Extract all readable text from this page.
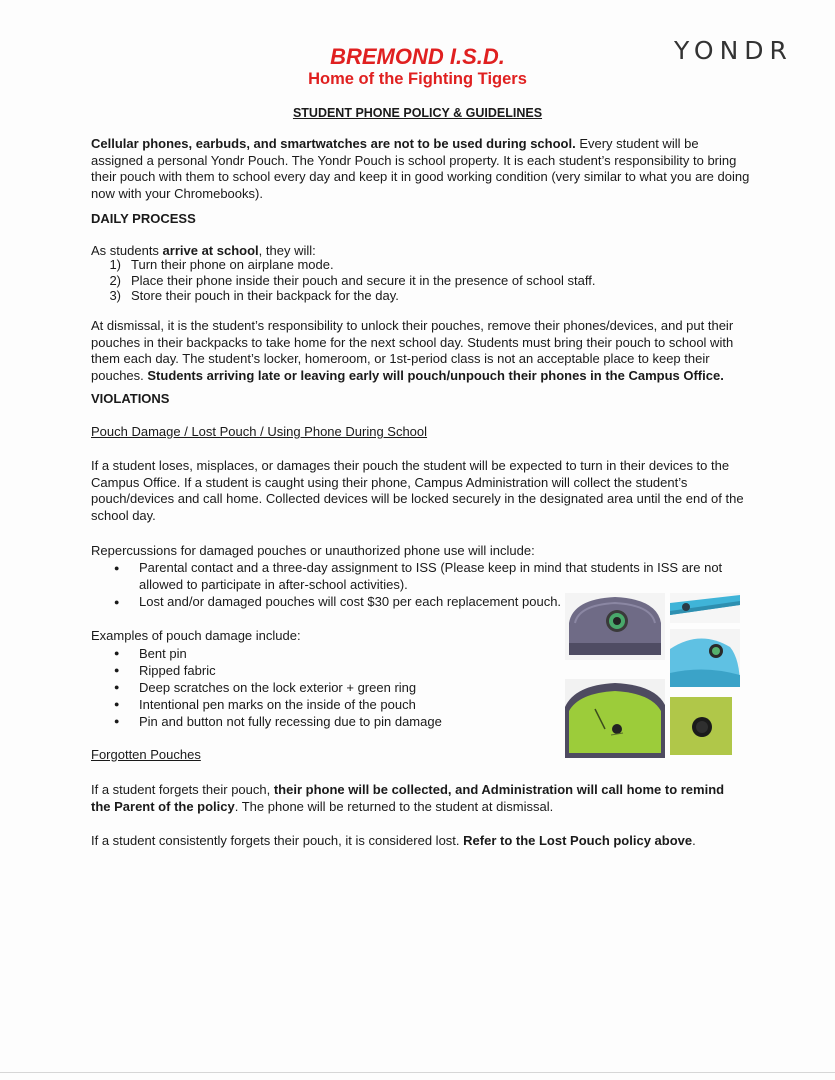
YONDR
BREMOND I.S.D.
Home of the Fighting Tigers
STUDENT PHONE POLICY & GUIDELINES
Cellular phones, earbuds, and smartwatches are not to be used during school. Every student will be assigned a personal Yondr Pouch. The Yondr Pouch is school property. It is each student’s responsibility to bring their pouch with them to school every day and keep it in good working condition (very similar to what you are doing now with your Chromebooks).
DAILY PROCESS
As students arrive at school, they will:
1) Turn their phone on airplane mode.
2) Place their phone inside their pouch and secure it in the presence of school staff.
3) Store their pouch in their backpack for the day.
At dismissal, it is the student’s responsibility to unlock their pouches, remove their phones/devices, and put their pouches in their backpacks to take home for the next school day. Students must bring their pouch to school with them each day. The student’s locker, homeroom, or 1st-period class is not an acceptable place to keep their pouches. Students arriving late or leaving early will pouch/unpouch their phones in the Campus Office.
VIOLATIONS
Pouch Damage / Lost Pouch / Using Phone During School
If a student loses, misplaces, or damages their pouch the student will be expected to turn in their devices to the Campus Office. If a student is caught using their phone, Campus Administration will collect the student’s pouch/devices and call home. Collected devices will be locked securely in the designated area until the end of the school day.
Repercussions for damaged pouches or unauthorized phone use will include:
● Parental contact and a three-day assignment to ISS (Please keep in mind that students in ISS are not allowed to participate in after-school activities).
● Lost and/or damaged pouches will cost $30 per each replacement pouch.
Examples of pouch damage include:
● Bent pin
● Ripped fabric
● Deep scratches on the lock exterior + green ring
● Intentional pen marks on the inside of the pouch
● Pin and button not fully recessing due to pin damage
Forgotten Pouches
If a student forgets their pouch, their phone will be collected, and Administration will call home to remind the Parent of the policy. The phone will be returned to the student at dismissal.
If a student consistently forgets their pouch, it is considered lost. Refer to the Lost Pouch policy above.
